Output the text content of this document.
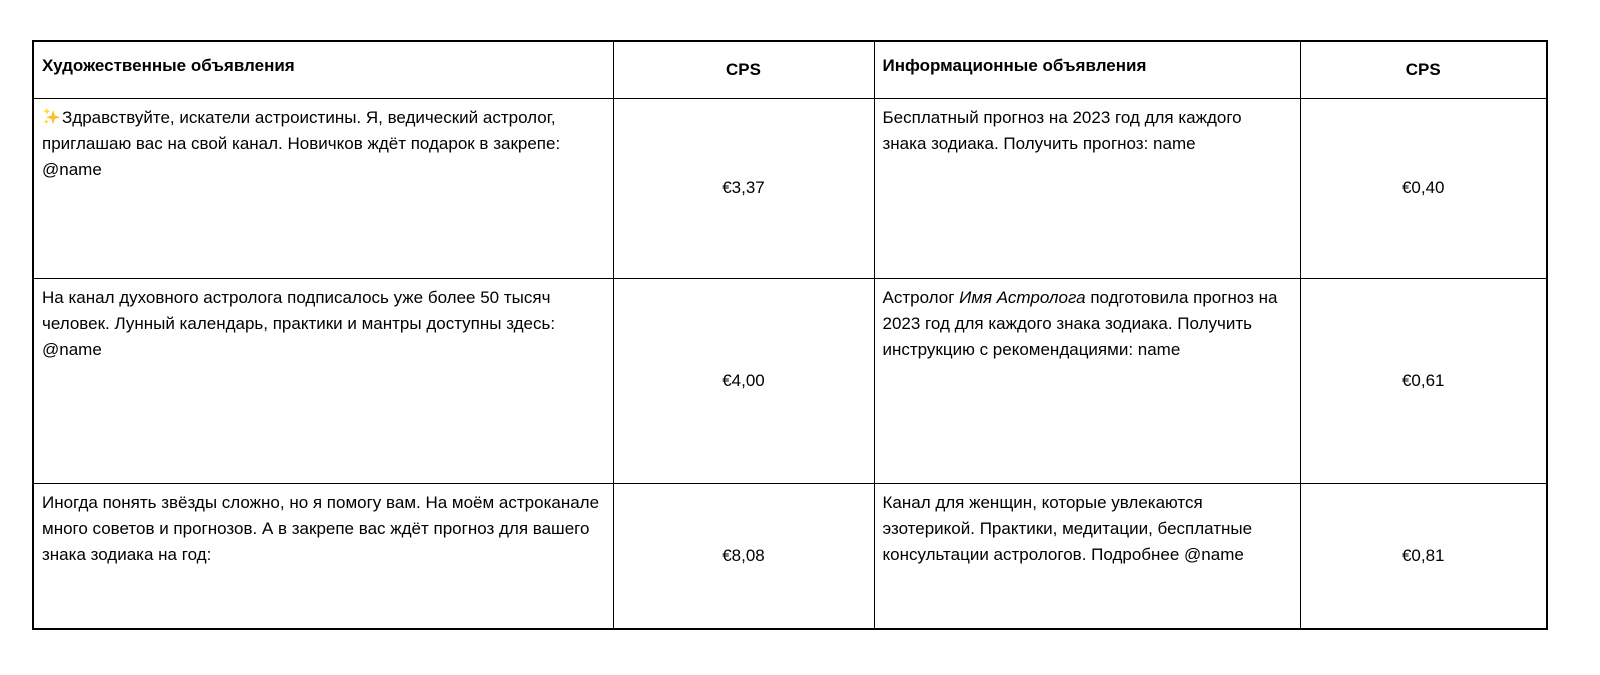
Художественные объявления	CPS	Информационные объявления	CPS
Здравствуйте, искатели астроистины. Я, ведический астролог, приглашаю вас на свой канал. Новичков ждёт подарок в закрепе: @name	€3,37	Бесплатный прогноз на 2023 год для каждого знака зодиака. Получить прогноз: name	€0,40
На канал духовного астролога подписалось уже более 50 тысяч человек. Лунный календарь, практики и мантры доступны здесь: @name	€4,00	Астролог Имя Астролога подготовила прогноз на 2023 год для каждого знака зодиака. Получить инструкцию с рекомендациями: name	€0,61
Иногда понять звёзды сложно, но я помогу вам. На моём астроканале много советов и прогнозов. А в закрепе вас ждёт прогноз для вашего знака зодиака на год:	€8,08	Канал для женщин, которые увлекаются эзотерикой. Практики, медитации, бесплатные консультации астрологов. Подробнее @name	€0,81
